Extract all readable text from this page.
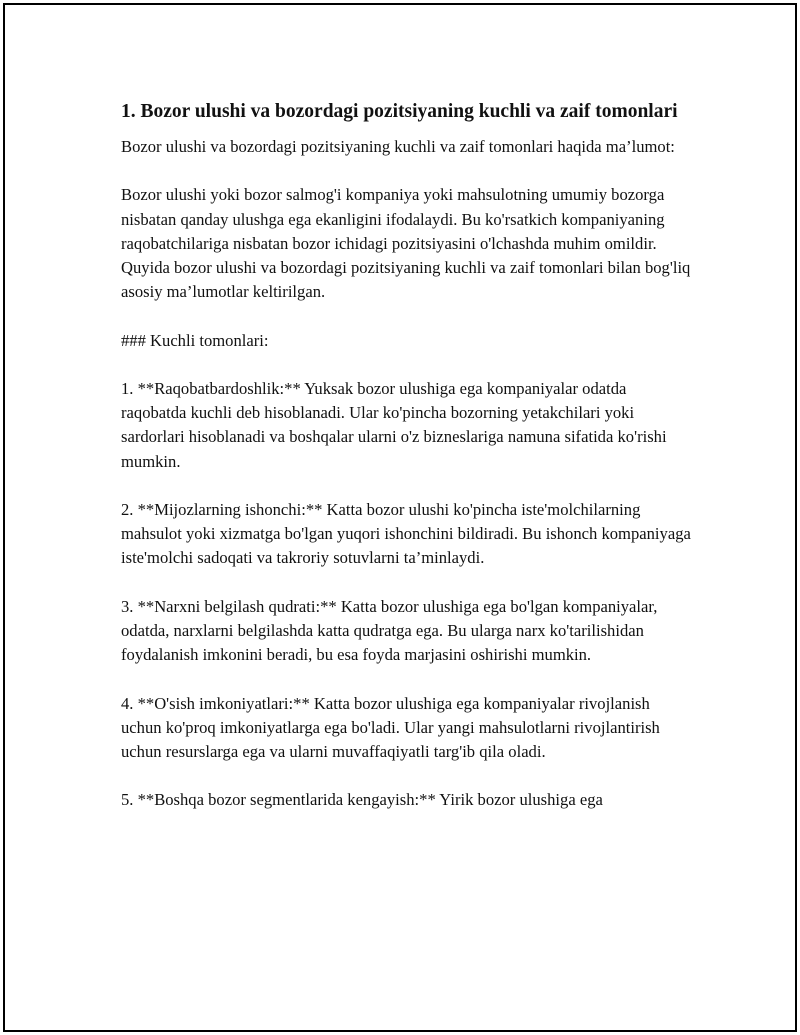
1. Bozor ulushi va bozordagi pozitsiyaning kuchli va zaif tomonlari

Bozor ulushi va bozordagi pozitsiyaning kuchli va zaif tomonlari haqida ma’lumot:

Bozor ulushi yoki bozor salmog'i kompaniya yoki mahsulotning umumiy bozorga nisbatan qanday ulushga ega ekanligini ifodalaydi. Bu ko'rsatkich kompaniyaning raqobatchilariga nisbatan bozor ichidagi pozitsiyasini o'lchashda muhim omildir. Quyida bozor ulushi va bozordagi pozitsiyaning kuchli va zaif tomonlari bilan bog'liq asosiy ma’lumotlar keltirilgan.

### Kuchli tomonlari:

1. **Raqobatbardoshlik:** Yuksak bozor ulushiga ega kompaniyalar odatda raqobatda kuchli deb hisoblanadi. Ular ko'pincha bozorning yetakchilari yoki sardorlari hisoblanadi va boshqalar ularni o'z bizneslariga namuna sifatida ko'rishi mumkin.

2. **Mijozlarning ishonchi:** Katta bozor ulushi ko'pincha iste'molchilarning mahsulot yoki xizmatga bo'lgan yuqori ishonchini bildiradi. Bu ishonch kompaniyaga iste'molchi sadoqati va takroriy sotuvlarni ta’minlaydi.

3. **Narxni belgilash qudrati:** Katta bozor ulushiga ega bo'lgan kompaniyalar, odatda, narxlarni belgilashda katta qudratga ega. Bu ularga narx ko'tarilishidan foydalanish imkonini beradi, bu esa foyda marjasini oshirishi mumkin.

4. **O'sish imkoniyatlari:** Katta bozor ulushiga ega kompaniyalar rivojlanish uchun ko'proq imkoniyatlarga ega bo'ladi. Ular yangi mahsulotlarni rivojlantirish uchun resurslarga ega va ularni muvaffaqiyatli targ'ib qila oladi.

5. **Boshqa bozor segmentlarida kengayish:** Yirik bozor ulushiga ega
